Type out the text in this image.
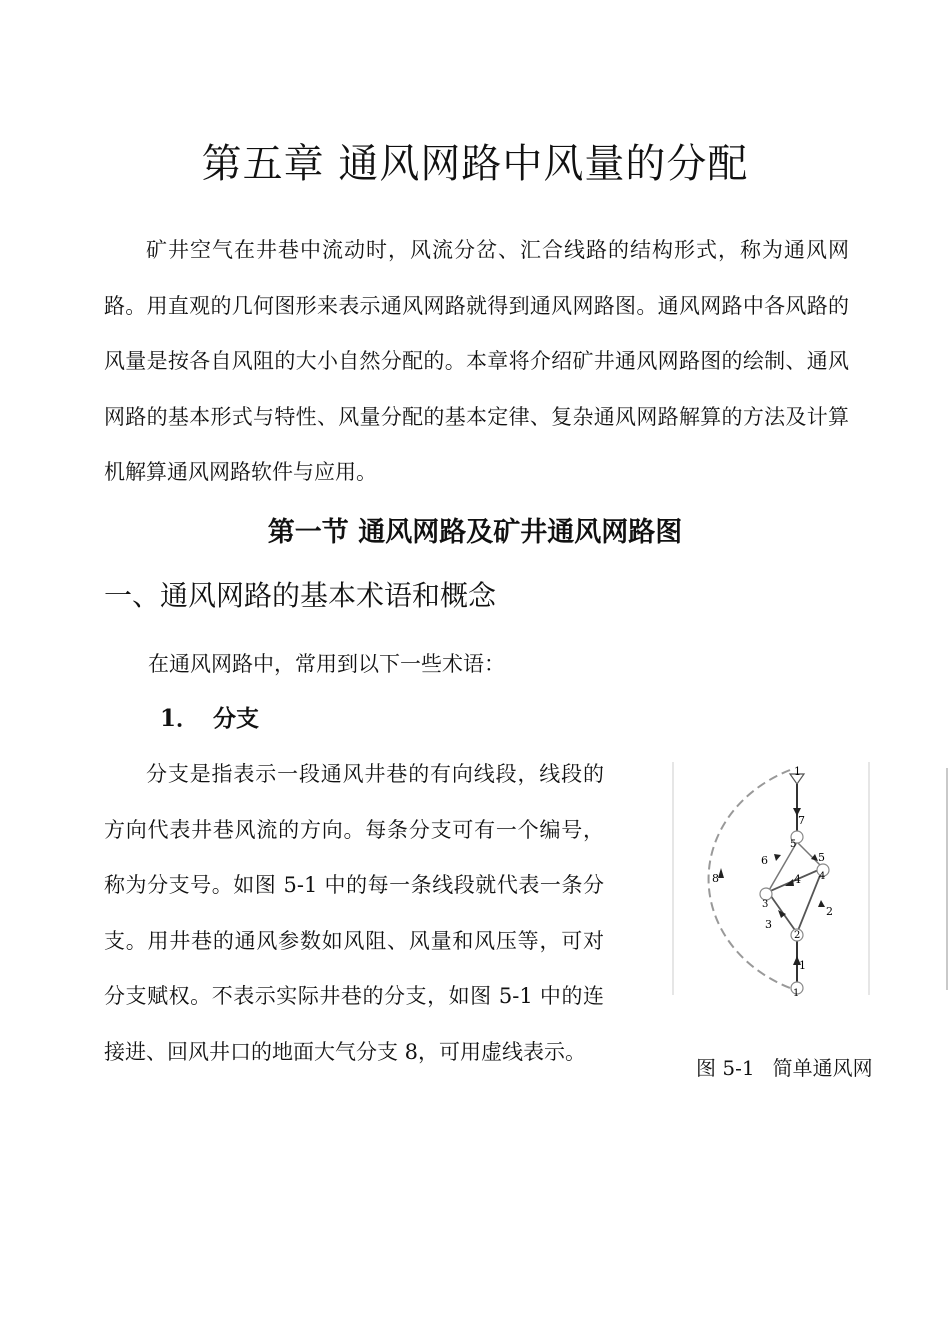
第五章 通风网路中风量的分配

矿井空气在井巷中流动时，风流分岔、汇合线路的结构形式，称为通风网路。用直观的几何图形来表示通风网路就得到通风网路图。通风网路中各风路的风量是按各自风阻的大小自然分配的。本章将介绍矿井通风网路图的绘制、通风网路的基本形式与特性、风量分配的基本定律、复杂通风网路解算的方法及计算机解算通风网路软件与应用。

第一节 通风网路及矿井通风网路图
一、通风网路的基本术语和概念

在通风网路中，常用到以下一些术语：

1． 分支

分支是指表示一段通风井巷的有向线段，线段的方向代表井巷风流的方向。每条分支可有一个编号，称为分支号。如图 5-1 中的每一条线段就代表一条分支。用井巷的通风参数如风阻、风量和风压等，可对分支赋权。不表示实际井巷的分支，如图 5-1 中的连接进、回风井口的地面大气分支 8，可用虚线表示。

8
1
7
5
6
4
3
2
1
5
4
3
2
1

图 5-1 简单通风网
